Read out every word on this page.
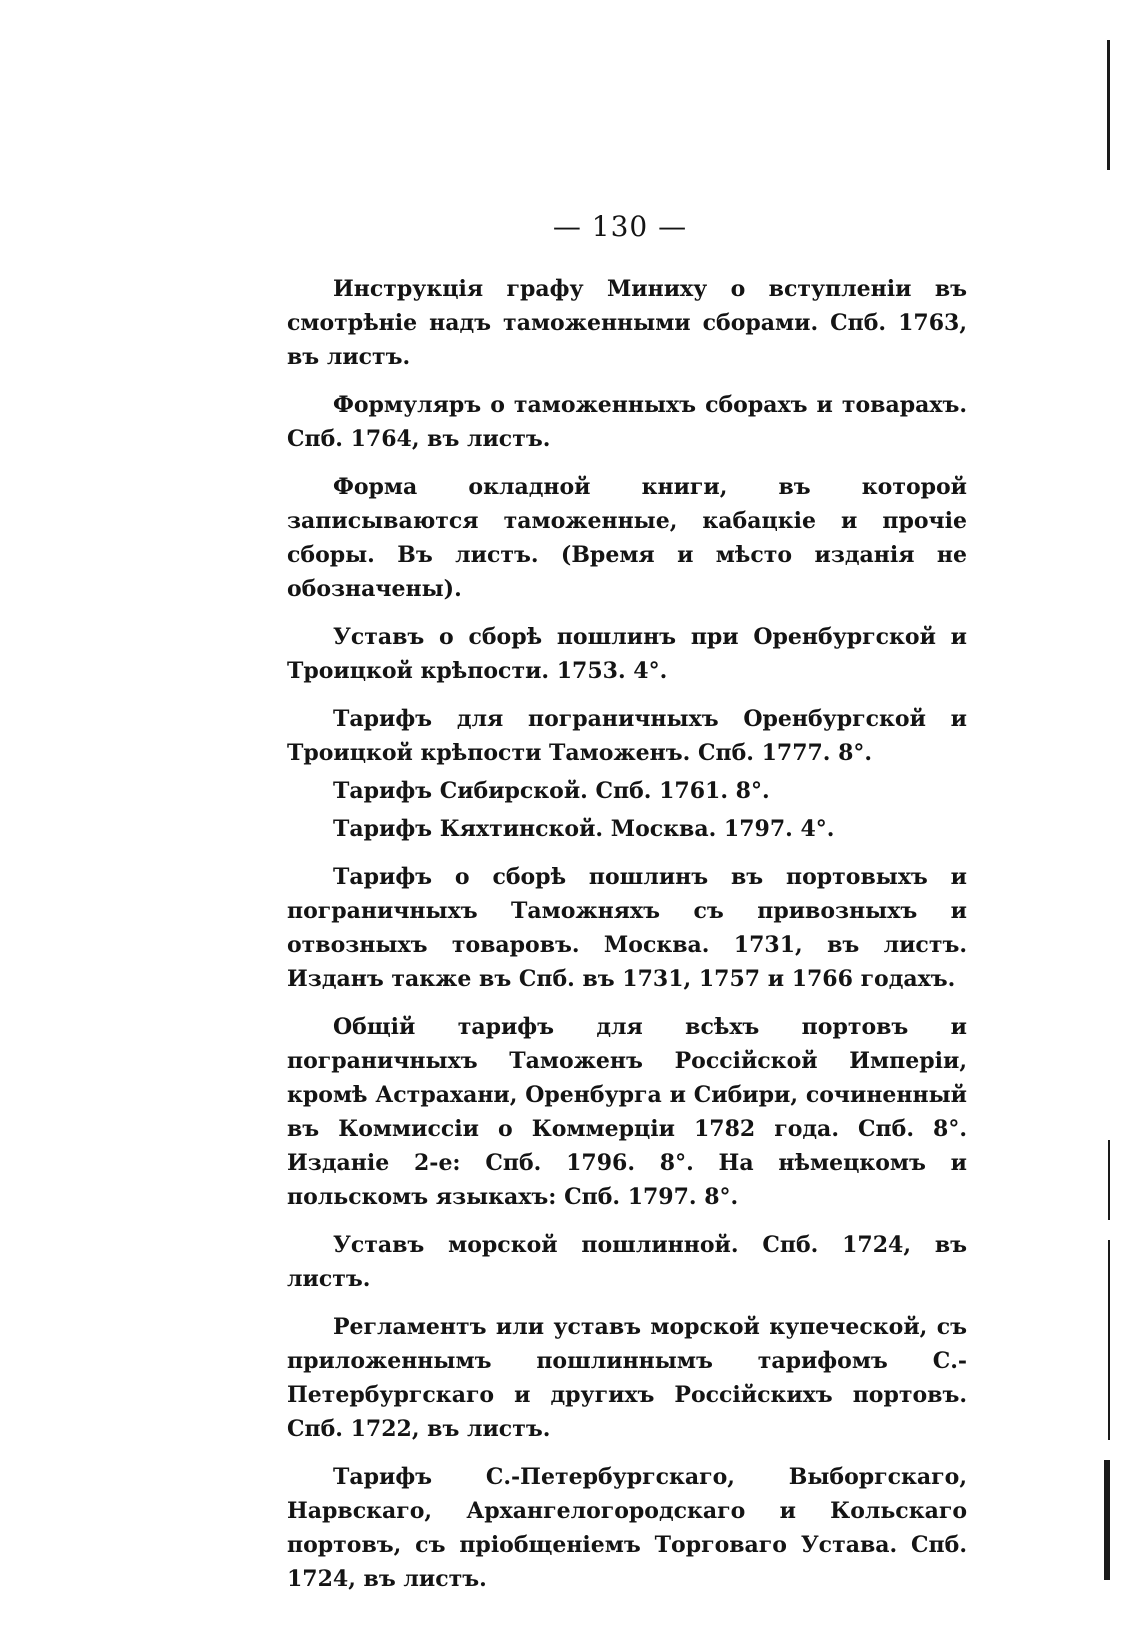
— 130 —

Инструкція графу Миниху о вступленіи въ смотрѣніе надъ таможенными сборами. Спб. 1763, въ листъ.

Формуляръ о таможенныхъ сборахъ и товарахъ. Спб. 1764, въ листъ.

Форма окладной книги, въ которой записываются таможенные, кабацкіе и прочіе сборы. Въ листъ. (Время и мѣсто изданія не обозначены).

Уставъ о сборѣ пошлинъ при Оренбургской и Троицкой крѣпости. 1753. 4°.

Тарифъ для пограничныхъ Оренбургской и Троицкой крѣпости Таможенъ. Спб. 1777. 8°.

Тарифъ Сибирской. Спб. 1761. 8°.

Тарифъ Кяхтинской. Москва. 1797. 4°.

Тарифъ о сборѣ пошлинъ въ портовыхъ и пограничныхъ Таможняхъ съ привозныхъ и отвозныхъ товаровъ. Москва. 1731, въ листъ. Изданъ также въ Спб. въ 1731, 1757 и 1766 годахъ.

Общій тарифъ для всѣхъ портовъ и пограничныхъ Таможенъ Россійской Имперіи, кромѣ Астрахани, Оренбурга и Сибири, сочиненный въ Коммиссіи о Коммерціи 1782 года. Спб. 8°. Изданіе 2-е: Спб. 1796. 8°. На нѣмецкомъ и польскомъ языкахъ: Спб. 1797. 8°.

Уставъ морской пошлинной. Спб. 1724, въ листъ.

Регламентъ или уставъ морской купеческой, съ приложеннымъ пошлиннымъ тарифомъ С.-Петербургскаго и другихъ Россійскихъ портовъ. Спб. 1722, въ листъ.

Тарифъ С.-Петербургскаго, Выборгскаго, Нарвскаго, Архангелогородскаго и Кольскаго портовъ, съ пріобщеніемъ Торговаго Устава. Спб. 1724, въ листъ.
